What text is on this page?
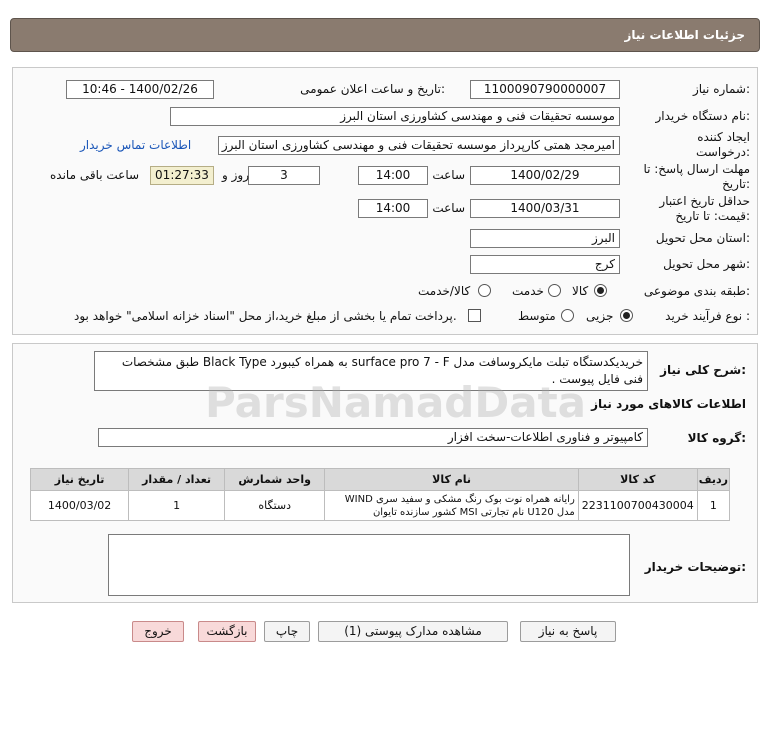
جزئیات اطلاعات نیاز
شماره نیاز:
1100090790000007
تاریخ و ساعت اعلان عمومی:
1400/02/26 - 10:46
نام دستگاه خریدار:
موسسه تحقیقات فنی و مهندسی کشاورزی استان البرز
ایجاد کننده درخواست:
امیرمجد همتی کارپرداز موسسه تحقیقات فنی و مهندسی کشاورزی استان البرز
اطلاعات تماس خریدار
مهلت ارسال پاسخ: تا تاریخ:
1400/02/29
ساعت
14:00
3
روز و
01:27:33
ساعت باقی مانده
حداقل تاریخ اعتبار قیمت: تا تاریخ:
1400/03/31
ساعت
14:00
استان محل تحویل:
البرز
شهر محل تحویل:
کرج
طبقه بندی موضوعی:
کالا
خدمت
کالا/خدمت
نوع فرآیند خرید :
جزیی
متوسط
پرداخت تمام یا بخشی از مبلغ خرید،از محل "اسناد خزانه اسلامی" خواهد بود.
شرح کلی نیاز:
خریدیکدستگاه تبلت مایکروسافت مدل surface pro 7 - F به همراه کیبورد Black Type طبق مشخصات فنی فایل پیوست .
اطلاعات کالاهای مورد نیاز
گروه کالا:
کامپیوتر و فناوری اطلاعات-سخت افزار
ردیف	کد کالا	نام کالا	واحد شمارش	تعداد / مقدار	تاریخ نیاز
1	2231100700430004	رایانه همراه نوت بوک رنگ مشکی و سفید سری WIND مدل U120 نام تجارتی MSI کشور سازنده تایوان	دستگاه	1	1400/03/02
توضیحات خریدار:
ParsNamadData
پاسخ به نیاز
مشاهده مدارک پیوستی (1)
چاپ
بازگشت
خروج
